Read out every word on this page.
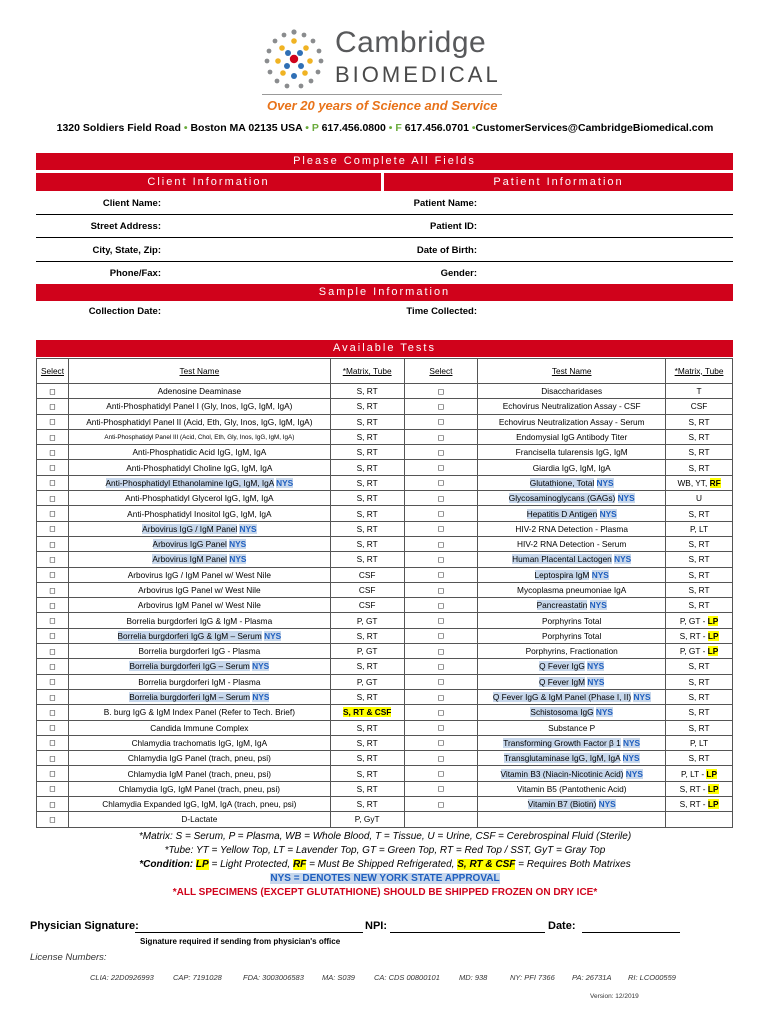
Cambridge
BIOMEDICAL
Over 20 years of Science and Service
1320 Soldiers Field Road • Boston MA 02135 USA • P 617.456.0800 • F 617.456.0701 •CustomerServices@CambridgeBiomedical.com
Please Complete All Fields
Client Information	Patient Information
Client Name:
Street Address:
City, State, Zip:
Phone/Fax:
Patient Name:
Patient ID:
Date of Birth:
Gender:
Sample Information
Collection Date:	Time Collected:
Available Tests
Select	Test Name	*Matrix, Tube	Select	Test Name	*Matrix, Tube
◻	Adenosine Deaminase	S, RT	◻	Disaccharidases	T
◻	Anti-Phosphatidyl Panel I (Gly, Inos, IgG, IgM, IgA)	S, RT	◻	Echovirus Neutralization Assay - CSF	CSF
◻	Anti-Phosphatidyl Panel II (Acid, Eth, Gly, Inos, IgG, IgM, IgA)	S, RT	◻	Echovirus Neutralization Assay - Serum	S, RT
◻	Anti-Phosphatidyl Panel III (Acid, Chol, Eth, Gly, Inos, IgG, IgM, IgA)	S, RT	◻	Endomysial IgG Antibody Titer	S, RT
◻	Anti-Phosphatidic Acid IgG, IgM, IgA	S, RT	◻	Francisella tularensis IgG, IgM	S, RT
◻	Anti-Phosphatidyl Choline IgG, IgM, IgA	S, RT	◻	Giardia IgG, IgM, IgA	S, RT
◻	Anti-Phosphatidyl Ethanolamine IgG, IgM, IgA NYS	S, RT	◻	Glutathione, Total NYS	WB, YT, RF
◻	Anti-Phosphatidyl Glycerol IgG, IgM, IgA	S, RT	◻	Glycosaminoglycans (GAGs) NYS	U
◻	Anti-Phosphatidyl Inositol IgG, IgM, IgA	S, RT	◻	Hepatitis D Antigen NYS	S, RT
◻	Arbovirus IgG / IgM Panel NYS	S, RT	◻	HIV-2 RNA Detection - Plasma	P, LT
◻	Arbovirus IgG Panel NYS	S, RT	◻	HIV-2 RNA Detection - Serum	S, RT
◻	Arbovirus IgM Panel NYS	S, RT	◻	Human Placental Lactogen NYS	S, RT
◻	Arbovirus IgG / IgM Panel w/ West Nile	CSF	◻	Leptospira IgM NYS	S, RT
◻	Arbovirus IgG Panel w/ West Nile	CSF	◻	Mycoplasma pneumoniae IgA	S, RT
◻	Arbovirus IgM Panel w/ West Nile	CSF	◻	Pancreastatin NYS	S, RT
◻	Borrelia burgdorferi IgG & IgM - Plasma	P, GT	◻	Porphyrins Total	P, GT - LP
◻	Borrelia burgdorferi IgG & IgM – Serum NYS	S, RT	◻	Porphyrins Total	S, RT - LP
◻	Borrelia burgdorferi IgG - Plasma	P, GT	◻	Porphyrins, Fractionation	P, GT - LP
◻	Borrelia burgdorferi IgG – Serum NYS	S, RT	◻	Q Fever IgG NYS	S, RT
◻	Borrelia burgdorferi IgM - Plasma	P, GT	◻	Q Fever IgM NYS	S, RT
◻	Borrelia burgdorferi IgM – Serum NYS	S, RT	◻	Q Fever IgG & IgM Panel (Phase I, II) NYS	S, RT
◻	B. burg IgG & IgM Index Panel (Refer to Tech. Brief)	S, RT & CSF	◻	Schistosoma IgG NYS	S, RT
◻	Candida Immune Complex	S, RT	◻	Substance P	S, RT
◻	Chlamydia trachomatis IgG, IgM, IgA	S, RT	◻	Transforming Growth Factor β 1 NYS	P, LT
◻	Chlamydia IgG Panel (trach, pneu, psi)	S, RT	◻	Transglutaminase IgG, IgM, IgA NYS	S, RT
◻	Chlamydia IgM Panel (trach, pneu, psi)	S, RT	◻	Vitamin B3 (Niacin-Nicotinic Acid) NYS	P, LT - LP
◻	Chlamydia IgG, IgM Panel (trach, pneu, psi)	S, RT	◻	Vitamin B5 (Pantothenic Acid)	S, RT - LP
◻	Chlamydia Expanded IgG, IgM, IgA (trach, pneu, psi)	S, RT	◻	Vitamin B7 (Biotin) NYS	S, RT - LP
◻	D-Lactate	P, GyT			
*Matrix: S = Serum, P = Plasma, WB = Whole Blood, T = Tissue, U = Urine, CSF = Cerebrospinal Fluid (Sterile)
*Tube: YT = Yellow Top, LT = Lavender Top, GT = Green Top, RT = Red Top / SST, GyT = Gray Top
*Condition: LP = Light Protected, RF = Must Be Shipped Refrigerated, S, RT & CSF = Requires Both Matrixes
NYS = DENOTES NEW YORK STATE APPROVAL
*ALL SPECIMENS (EXCEPT GLUTATHIONE) SHOULD BE SHIPPED FROZEN ON DRY ICE*
Physician Signature:	NPI:	Date:
Signature required if sending from physician's office
License Numbers:
CLIA: 22D0926993	CAP: 7191028	FDA: 3003006583 MA: S039	CA: CDS 00800101	MD: 938	NY: PFI 7366 PA: 26731A RI: LCO00559
Version: 12/2019
